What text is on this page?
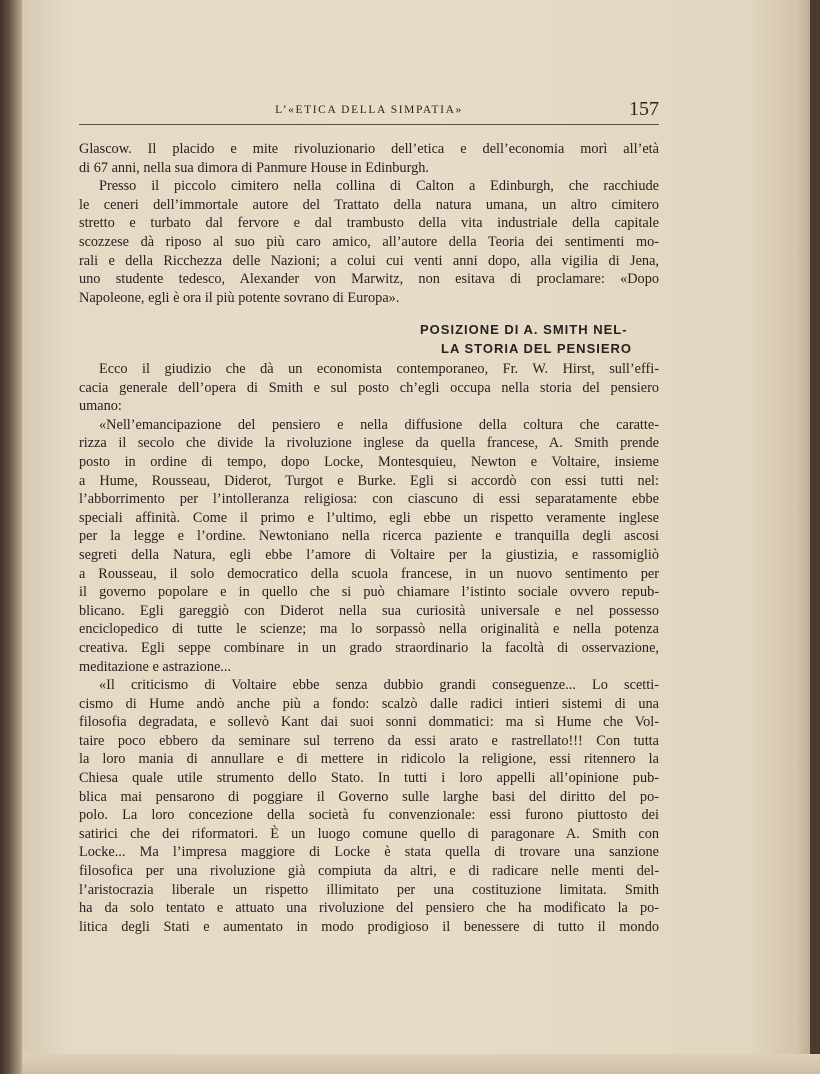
L’«ETICA DELLA SIMPATIA»	157
Glascow. Il placido e mite rivoluzionario dell’etica e dell’economia morì all’età
di 67 anni, nella sua dimora di Panmure House in Edinburgh.
Presso il piccolo cimitero nella collina di Calton a Edinburgh, che racchiude
le ceneri dell’immortale autore del Trattato della natura umana, un altro cimitero
stretto e turbato dal fervore e dal trambusto della vita industriale della capitale
scozzese dà riposo al suo più caro amico, all’autore della Teoria dei sentimenti mo-
rali e della Ricchezza delle Nazioni; a colui cui venti anni dopo, alla vigilia di Jena,
uno studente tedesco, Alexander von Marwitz, non esitava di proclamare: «Dopo
Napoleone, egli è ora il più potente sovrano di Europa».
POSIZIONE DI A. SMITH NEL-
LA STORIA DEL PENSIERO
Ecco il giudizio che dà un economista contemporaneo, Fr. W. Hirst, sull’effi-
cacia generale dell’opera di Smith e sul posto ch’egli occupa nella storia del pensiero
umano:
«Nell’emancipazione del pensiero e nella diffusione della coltura che caratte-
rizza il secolo che divide la rivoluzione inglese da quella francese, A. Smith prende
posto in ordine di tempo, dopo Locke, Montesquieu, Newton e Voltaire, insieme
a Hume, Rousseau, Diderot, Turgot e Burke. Egli si accordò con essi tutti nel:
l’abborrimento per l’intolleranza religiosa: con ciascuno di essi separatamente ebbe
speciali affinità. Come il primo e l’ultimo, egli ebbe un rispetto veramente inglese
per la legge e l’ordine. Newtoniano nella ricerca paziente e tranquilla degli ascosi
segreti della Natura, egli ebbe l’amore di Voltaire per la giustizia, e rassomigliò
a Rousseau, il solo democratico della scuola francese, in un nuovo sentimento per
il governo popolare e in quello che si può chiamare l’istinto sociale ovvero repub-
blicano. Egli gareggiò con Diderot nella sua curiosità universale e nel possesso
enciclopedico di tutte le scienze; ma lo sorpassò nella originalità e nella potenza
creativa. Egli seppe combinare in un grado straordinario la facoltà di osservazione,
meditazione e astrazione...
«Il criticismo di Voltaire ebbe senza dubbio grandi conseguenze... Lo scetti-
cismo di Hume andò anche più a fondo: scalzò dalle radici intieri sistemi di una
filosofia degradata, e sollevò Kant dai suoi sonni dommatici: ma sì Hume che Vol-
taire poco ebbero da seminare sul terreno da essi arato e rastrellato!!! Con tutta
la loro mania di annullare e di mettere in ridicolo la religione, essi ritennero la
Chiesa quale utile strumento dello Stato. In tutti i loro appelli all’opinione pub-
blica mai pensarono di poggiare il Governo sulle larghe basi del diritto del po-
polo. La loro concezione della società fu convenzionale: essi furono piuttosto dei
satirici che dei riformatori. È un luogo comune quello di paragonare A. Smith con
Locke... Ma l’impresa maggiore di Locke è stata quella di trovare una sanzione
filosofica per una rivoluzione già compiuta da altri, e di radicare nelle menti del-
l’aristocrazia liberale un rispetto illimitato per una costituzione limitata. Smith
ha da solo tentato e attuato una rivoluzione del pensiero che ha modificato la po-
litica degli Stati e aumentato in modo prodigioso il benessere di tutto il mondo
